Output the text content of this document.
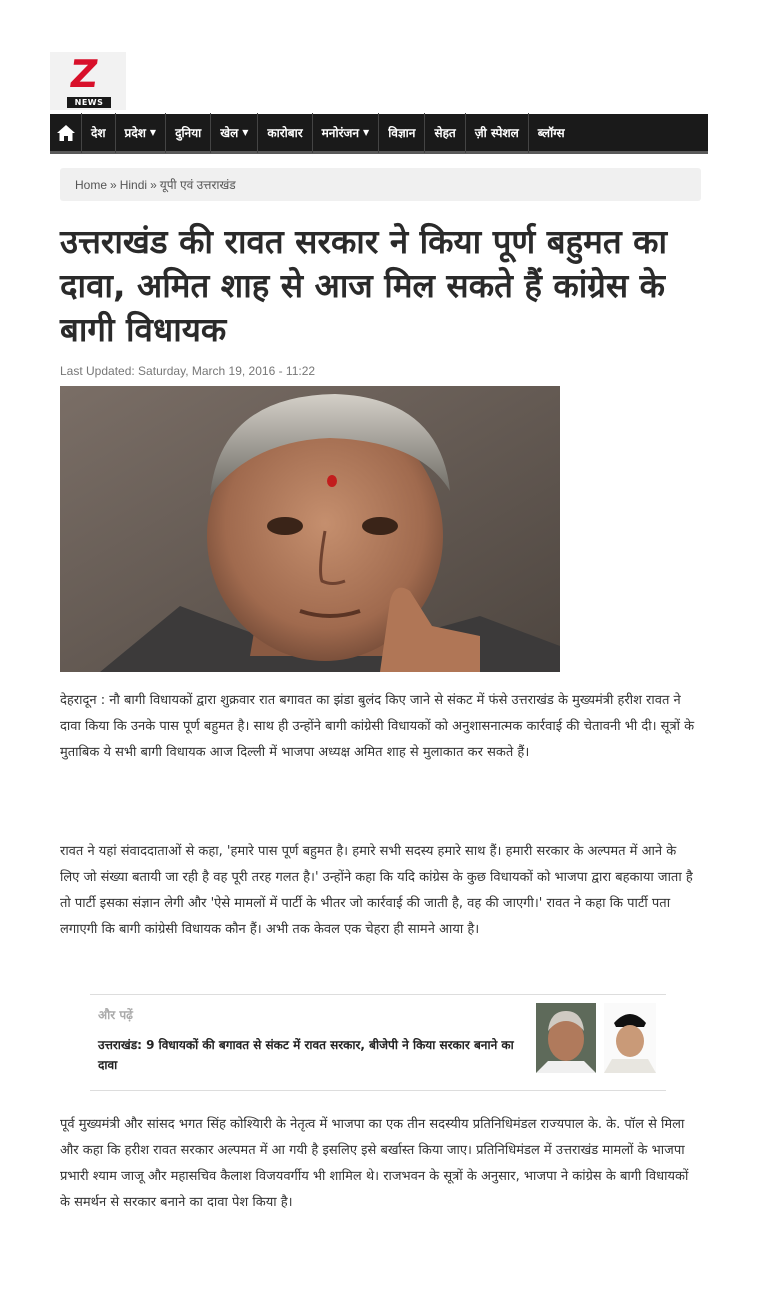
Z
NEWS
देश प्रदेश ▼ दुनिया खेल ▼ कारोबार मनोरंजन ▼ विज्ञान सेहत ज़ी स्पेशल ब्लॉग्स
Home » Hindi » यूपी एवं उत्तराखंड
उत्तराखंड की रावत सरकार ने किया पूर्ण बहुमत का दावा, अमित शाह से आज मिल सकते हैं कांग्रेस के बागी विधायक
Last Updated: Saturday, March 19, 2016 - 11:22

देहरादून : नौ बागी विधायकों द्वारा शुक्रवार रात बगावत का झंडा बुलंद किए जाने से संकट में फंसे उत्तराखंड के मुख्यमंत्री हरीश रावत ने दावा किया कि उनके पास पूर्ण बहुमत है। साथ ही उन्होंने बागी कांग्रेसी विधायकों को अनुशासनात्मक कार्रवाई की चेतावनी भी दी। सूत्रों के मुताबिक ये सभी बागी विधायक आज दिल्ली में भाजपा अध्यक्ष अमित शाह से मुलाकात कर सकते हैं।

रावत ने यहां संवाददाताओं से कहा, 'हमारे पास पूर्ण बहुमत है। हमारे सभी सदस्य हमारे साथ हैं। हमारी सरकार के अल्पमत में आने के लिए जो संख्या बतायी जा रही है वह पूरी तरह गलत है।' उन्होंने कहा कि यदि कांग्रेस के कुछ विधायकों को भाजपा द्वारा बहकाया जाता है तो पार्टी इसका संज्ञान लेगी और 'ऐसे मामलों में पार्टी के भीतर जो कार्रवाई की जाती है, वह की जाएगी।' रावत ने कहा कि पार्टी पता लगाएगी कि बागी कांग्रेसी विधायक कौन हैं। अभी तक केवल एक चेहरा ही सामने आया है।

और पढ़ें
उत्तराखंड: 9 विधायकों की बगावत से संकट में रावत सरकार, बीजेपी ने किया सरकार बनाने का दावा

पूर्व मुख्यमंत्री और सांसद भगत सिंह कोश्यिारी के नेतृत्व में भाजपा का एक तीन सदस्यीय प्रतिनिधिमंडल राज्यपाल के. के. पॉल से मिला और कहा कि हरीश रावत सरकार अल्पमत में आ गयी है इसलिए इसे बर्खास्त किया जाए। प्रतिनिधिमंडल में उत्तराखंड मामलों के भाजपा प्रभारी श्याम जाजू और महासचिव कैलाश विजयवर्गीय भी शामिल थे। राजभवन के सूत्रों के अनुसार, भाजपा ने कांग्रेस के बागी विधायकों के समर्थन से सरकार बनाने का दावा पेश किया है।
